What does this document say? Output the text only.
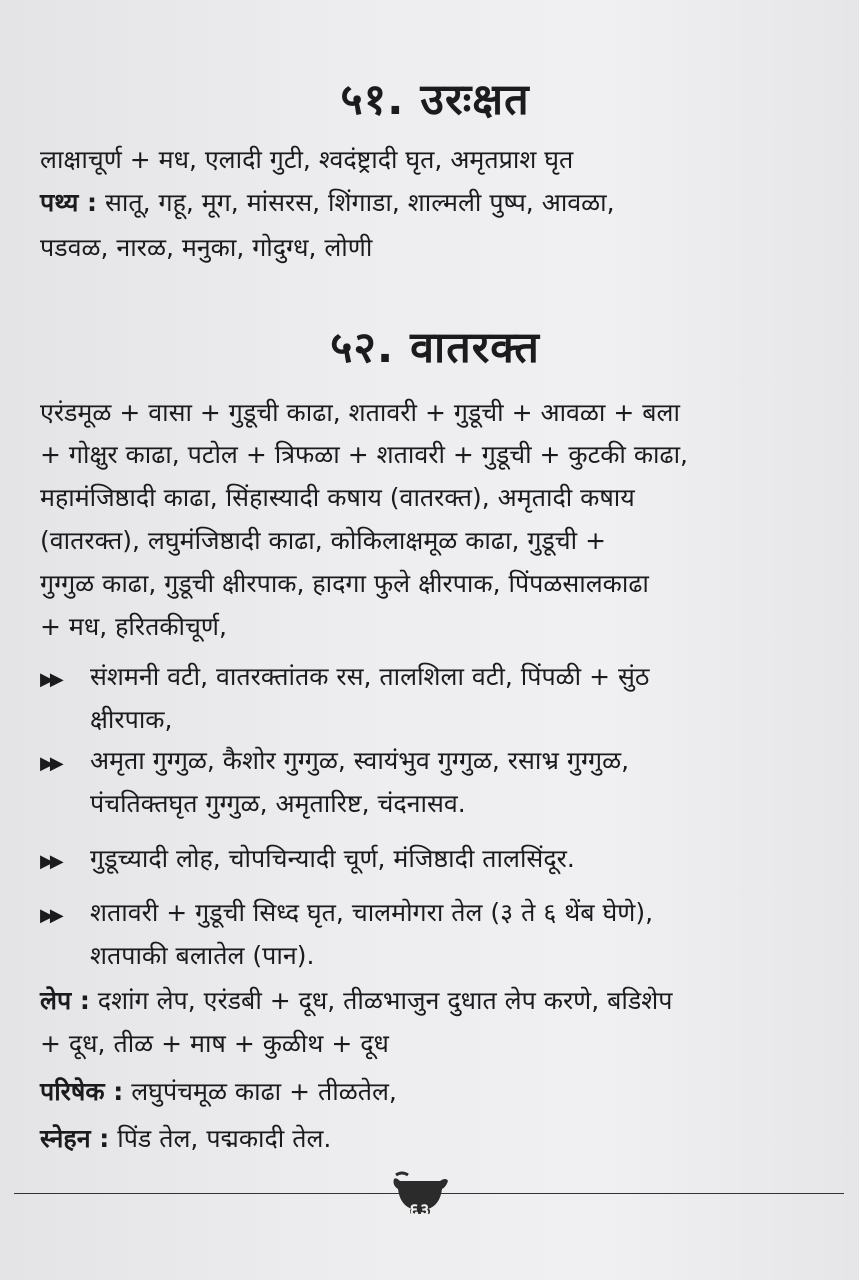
५१. उरःक्षत
लाक्षाचूर्ण + मध, एलादी गुटी, श्वदंष्ट्रादी घृत, अमृतप्राश घृत
पथ्य : सातू, गहू, मूग, मांसरस, शिंगाडा, शाल्मली पुष्प, आवळा,
पडवळ, नारळ, मनुका, गोदुग्ध, लोणी
५२. वातरक्त
एरंडमूळ + वासा + गुडूची काढा, शतावरी + गुडूची + आवळा + बला
+ गोक्षुर काढा, पटोल + त्रिफळा + शतावरी + गुडूची + कुटकी काढा,
महामंजिष्ठादी काढा, सिंहास्यादी कषाय (वातरक्त), अमृतादी कषाय
(वातरक्त), लघुमंजिष्ठादी काढा, कोकिलाक्षमूळ काढा, गुडूची +
गुग्गुळ काढा, गुडूची क्षीरपाक, हादगा फुले क्षीरपाक, पिंपळसालकाढा
+ मध, हरितकीचूर्ण,
▶▶ संशमनी वटी, वातरक्तांतक रस, तालशिला वटी, पिंपळी + सुंठ
क्षीरपाक,
▶▶ अमृता गुग्गुळ, कैशोर गुग्गुळ, स्वायंभुव गुग्गुळ, रसाभ्र गुग्गुळ,
पंचतिक्तघृत गुग्गुळ, अमृतारिष्ट, चंदनासव.
▶▶ गुडूच्यादी लोह, चोपचिन्यादी चूर्ण, मंजिष्ठादी तालसिंदूर.
▶▶ शतावरी + गुडूची सिध्द घृत, चालमोगरा तेल (३ ते ६ थेंब घेणे),
शतपाकी बलातेल (पान).
लेप : दशांग लेप, एरंडबी + दूध, तीळभाजुन दुधात लेप करणे, बडिशेप
+ दूध, तीळ + माष + कुळीथ + दूध
परिषेक : लघुपंचमूळ काढा + तीळतेल,
स्नेहन : पिंड तेल, पद्मकादी तेल.
६३
